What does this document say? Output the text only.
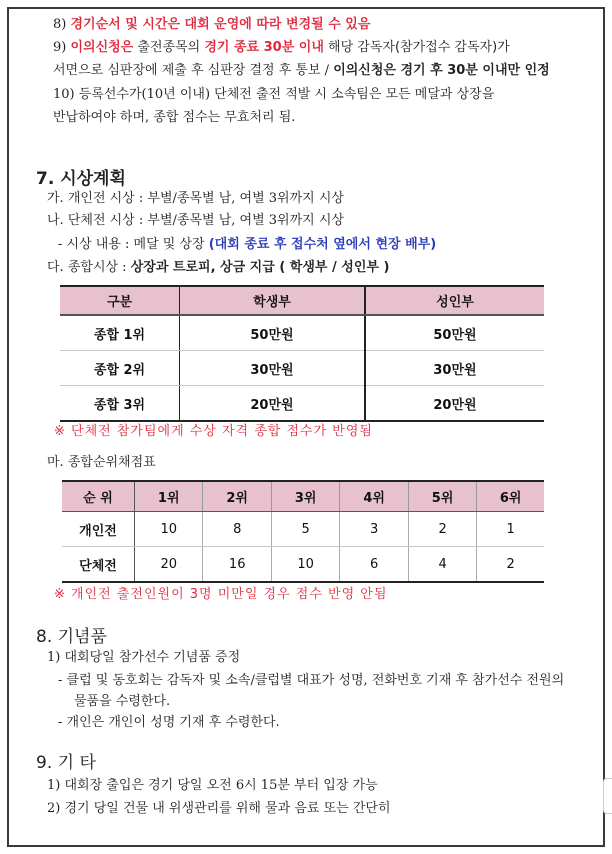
8) 경기순서 및 시간은 대회 운영에 따라 변경될 수 있음
9) 이의신청은 출전종목의 경기 종료 30분 이내 해당 감독자(참가접수 감독자)가
서면으로 심판장에 제출 후 심판장 결정 후 통보 / 이의신청은 경기 후 30분 이내만 인정
10) 등록선수가(10년 이내) 단체전 출전 적발 시 소속팀은 모든 메달과 상장을
반납하여야 하며, 종합 점수는 무효처리 됨.
7. 시상계획
가. 개인전 시상 : 부별/종목별 남, 여별 3위까지 시상
나. 단체전 시상 : 부별/종목별 남, 여별 3위까지 시상
- 시상 내용 : 메달 및 상장 (대회 종료 후 접수처 옆에서 현장 배부)
다. 종합시상 : 상장과 트로피, 상금 지급 ( 학생부 / 성인부 )
구분	학생부	성인부
종합 1위	50만원	50만원
종합 2위	30만원	30만원
종합 3위	20만원	20만원
※ 단체전 참가팀에게 수상 자격 종합 점수가 반영됨
마. 종합순위채점표
순 위	1위	2위	3위	4위	5위	6위
개인전	10	8	5	3	2	1
단체전	20	16	10	6	4	2
※ 개인전 출전인원이 3명 미만일 경우 점수 반영 안됨
8. 기념품
1) 대회당일 참가선수 기념품 증정
- 클럽 및 동호회는 감독자 및 소속/클럽별 대표가 성명, 전화번호 기재 후 참가선수 전원의
물품을 수령한다.
- 개인은 개인이 성명 기재 후 수령한다.
9. 기 타
1) 대회장 출입은 경기 당일 오전 6시 15분 부터 입장 가능
2) 경기 당일 건물 내 위생관리를 위해 물과 음료 또는 간단히
